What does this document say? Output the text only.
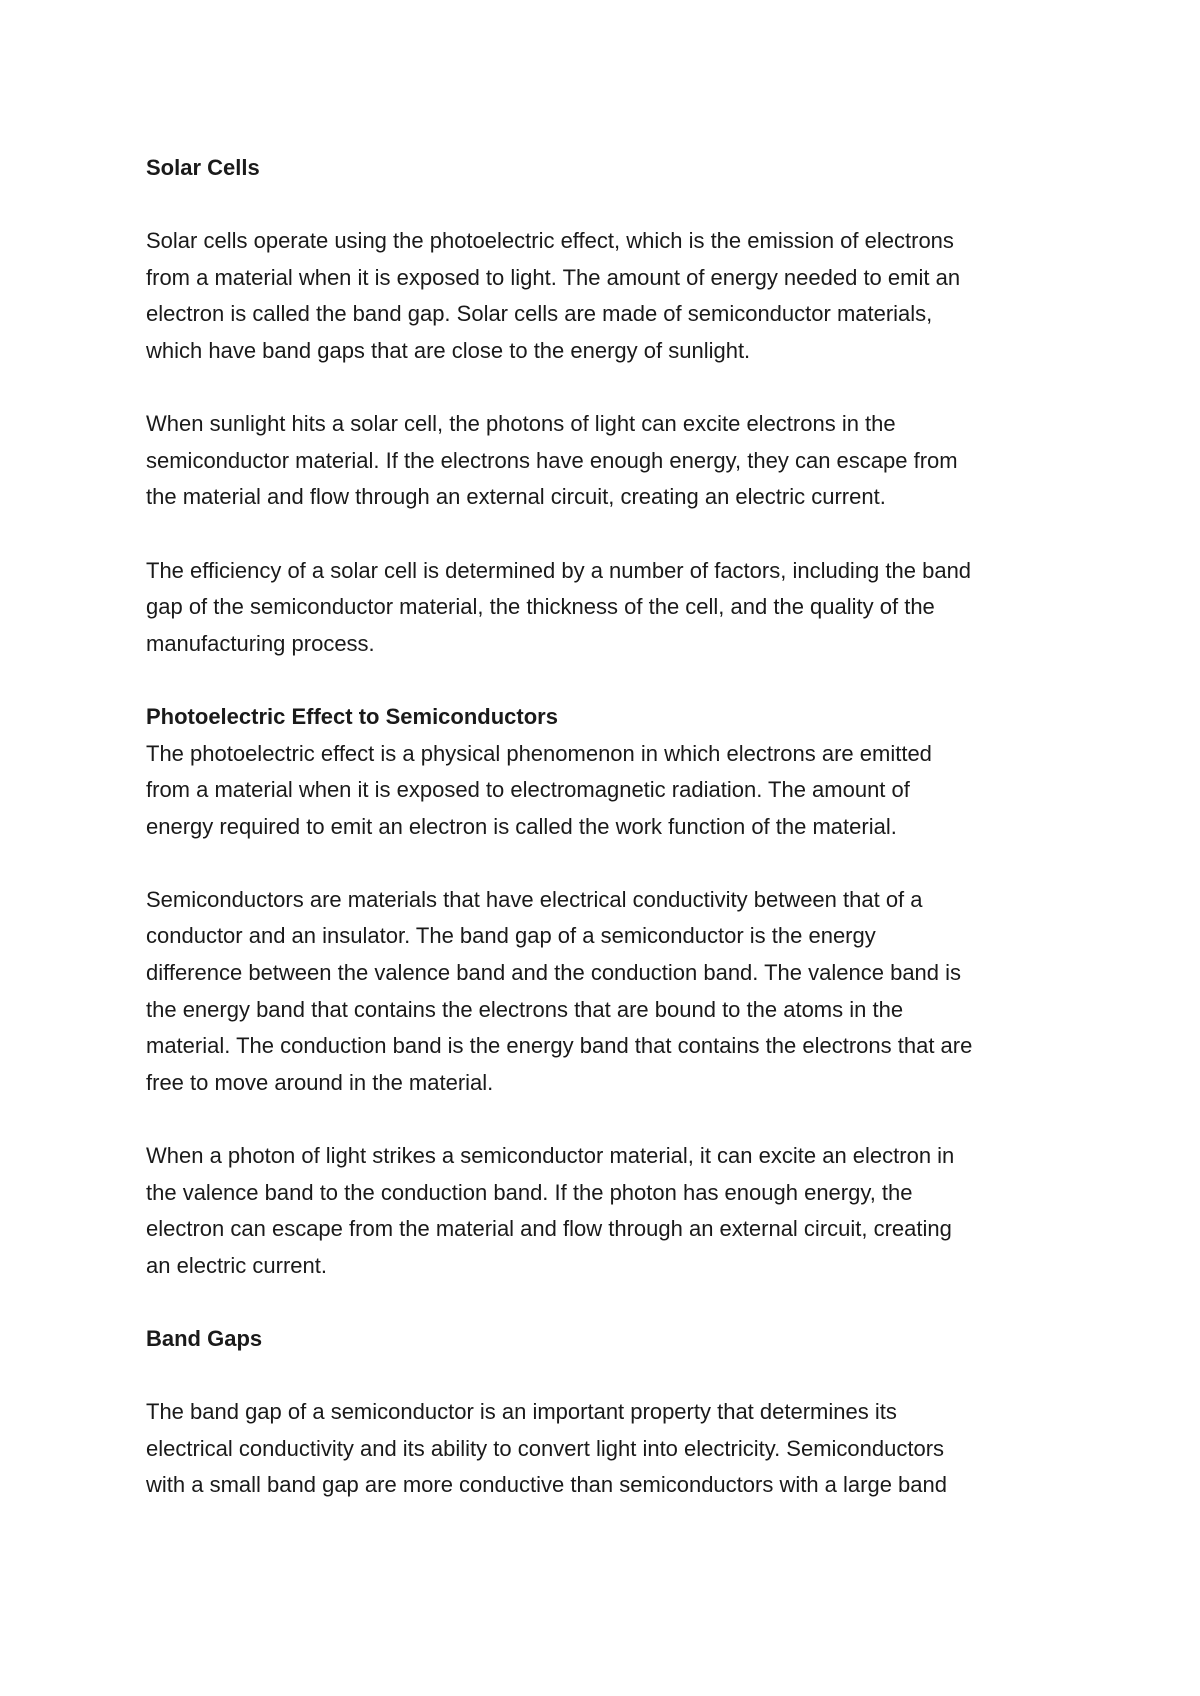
Solar Cells

Solar cells operate using the photoelectric effect, which is the emission of electrons
from a material when it is exposed to light. The amount of energy needed to emit an
electron is called the band gap. Solar cells are made of semiconductor materials,
which have band gaps that are close to the energy of sunlight.

When sunlight hits a solar cell, the photons of light can excite electrons in the
semiconductor material. If the electrons have enough energy, they can escape from
the material and flow through an external circuit, creating an electric current.

The efficiency of a solar cell is determined by a number of factors, including the band
gap of the semiconductor material, the thickness of the cell, and the quality of the
manufacturing process.

Photoelectric Effect to Semiconductors

The photoelectric effect is a physical phenomenon in which electrons are emitted
from a material when it is exposed to electromagnetic radiation. The amount of
energy required to emit an electron is called the work function of the material.

Semiconductors are materials that have electrical conductivity between that of a
conductor and an insulator. The band gap of a semiconductor is the energy
difference between the valence band and the conduction band. The valence band is
the energy band that contains the electrons that are bound to the atoms in the
material. The conduction band is the energy band that contains the electrons that are
free to move around in the material.

When a photon of light strikes a semiconductor material, it can excite an electron in
the valence band to the conduction band. If the photon has enough energy, the
electron can escape from the material and flow through an external circuit, creating
an electric current.

Band Gaps

The band gap of a semiconductor is an important property that determines its
electrical conductivity and its ability to convert light into electricity. Semiconductors
with a small band gap are more conductive than semiconductors with a large band
